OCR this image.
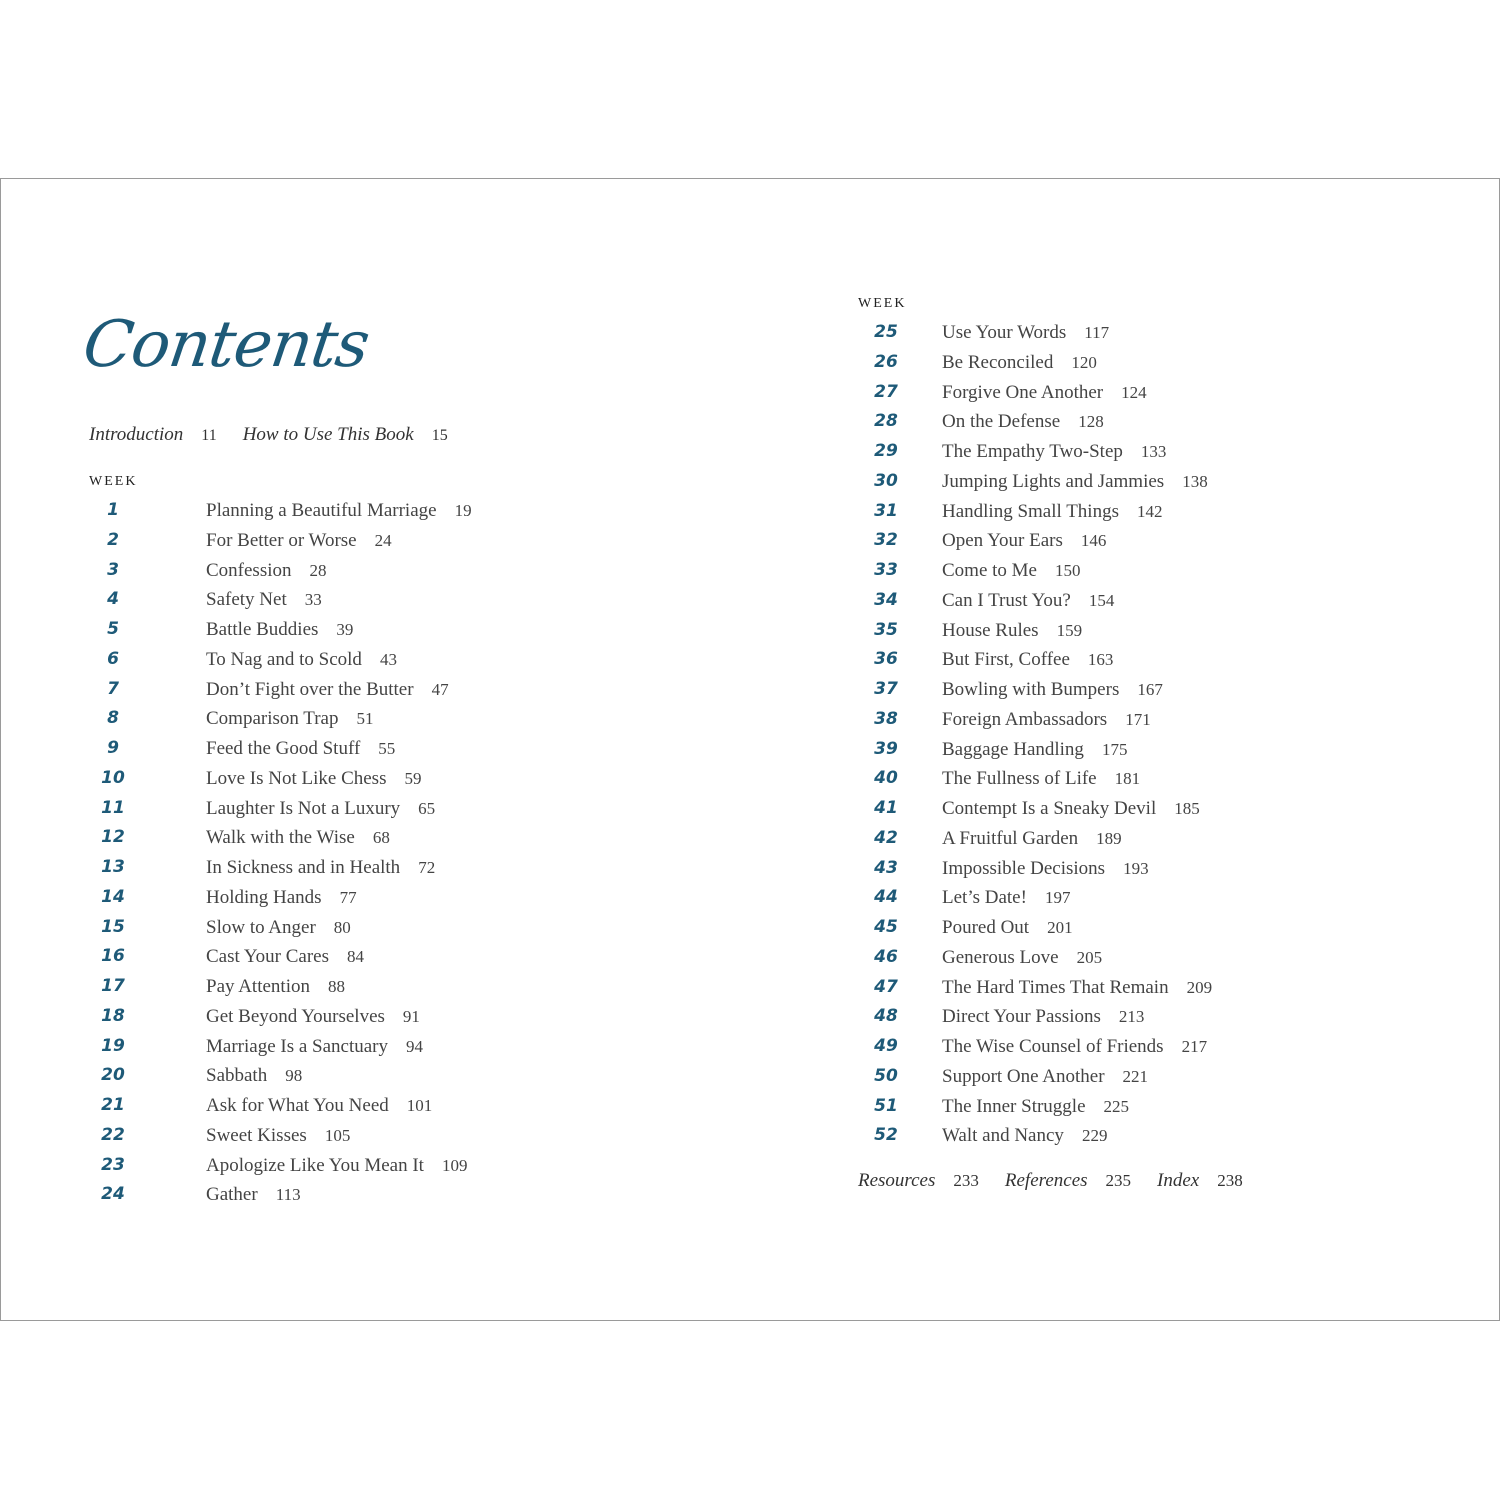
Contents
Introduction 11 How to Use This Book 15
WEEK
WEEK
1	Planning a Beautiful Marriage 19
2	For Better or Worse 24
3	Confession 28
4	Safety Net 33
5	Battle Buddies 39
6	To Nag and to Scold 43
7	Don’t Fight over the Butter 47
8	Comparison Trap 51
9	Feed the Good Stuff 55
10	Love Is Not Like Chess 59
11	Laughter Is Not a Luxury 65
12	Walk with the Wise 68
13	In Sickness and in Health 72
14	Holding Hands 77
15	Slow to Anger 80
16	Cast Your Cares 84
17	Pay Attention 88
18	Get Beyond Yourselves 91
19	Marriage Is a Sanctuary 94
20	Sabbath 98
21	Ask for What You Need 101
22	Sweet Kisses 105
23	Apologize Like You Mean It 109
24	Gather 113
25 Use Your Words 117
26 Be Reconciled 120
27 Forgive One Another 124
28 On the Defense 128
29 The Empathy Two-Step 133
30 Jumping Lights and Jammies 138
31 Handling Small Things 142
32 Open Your Ears 146
33 Come to Me 150
34 Can I Trust You? 154
35 House Rules 159
36 But First, Coffee 163
37 Bowling with Bumpers 167
38 Foreign Ambassadors 171
39 Baggage Handling 175
40 The Fullness of Life 181
41 Contempt Is a Sneaky Devil 185
42 A Fruitful Garden 189
43 Impossible Decisions 193
44 Let’s Date! 197
45 Poured Out 201
46 Generous Love 205
47 The Hard Times That Remain 209
48 Direct Your Passions 213
49 The Wise Counsel of Friends 217
50 Support One Another 221
51 The Inner Struggle 225
52 Walt and Nancy 229
Resources 233 References 235 Index 238
